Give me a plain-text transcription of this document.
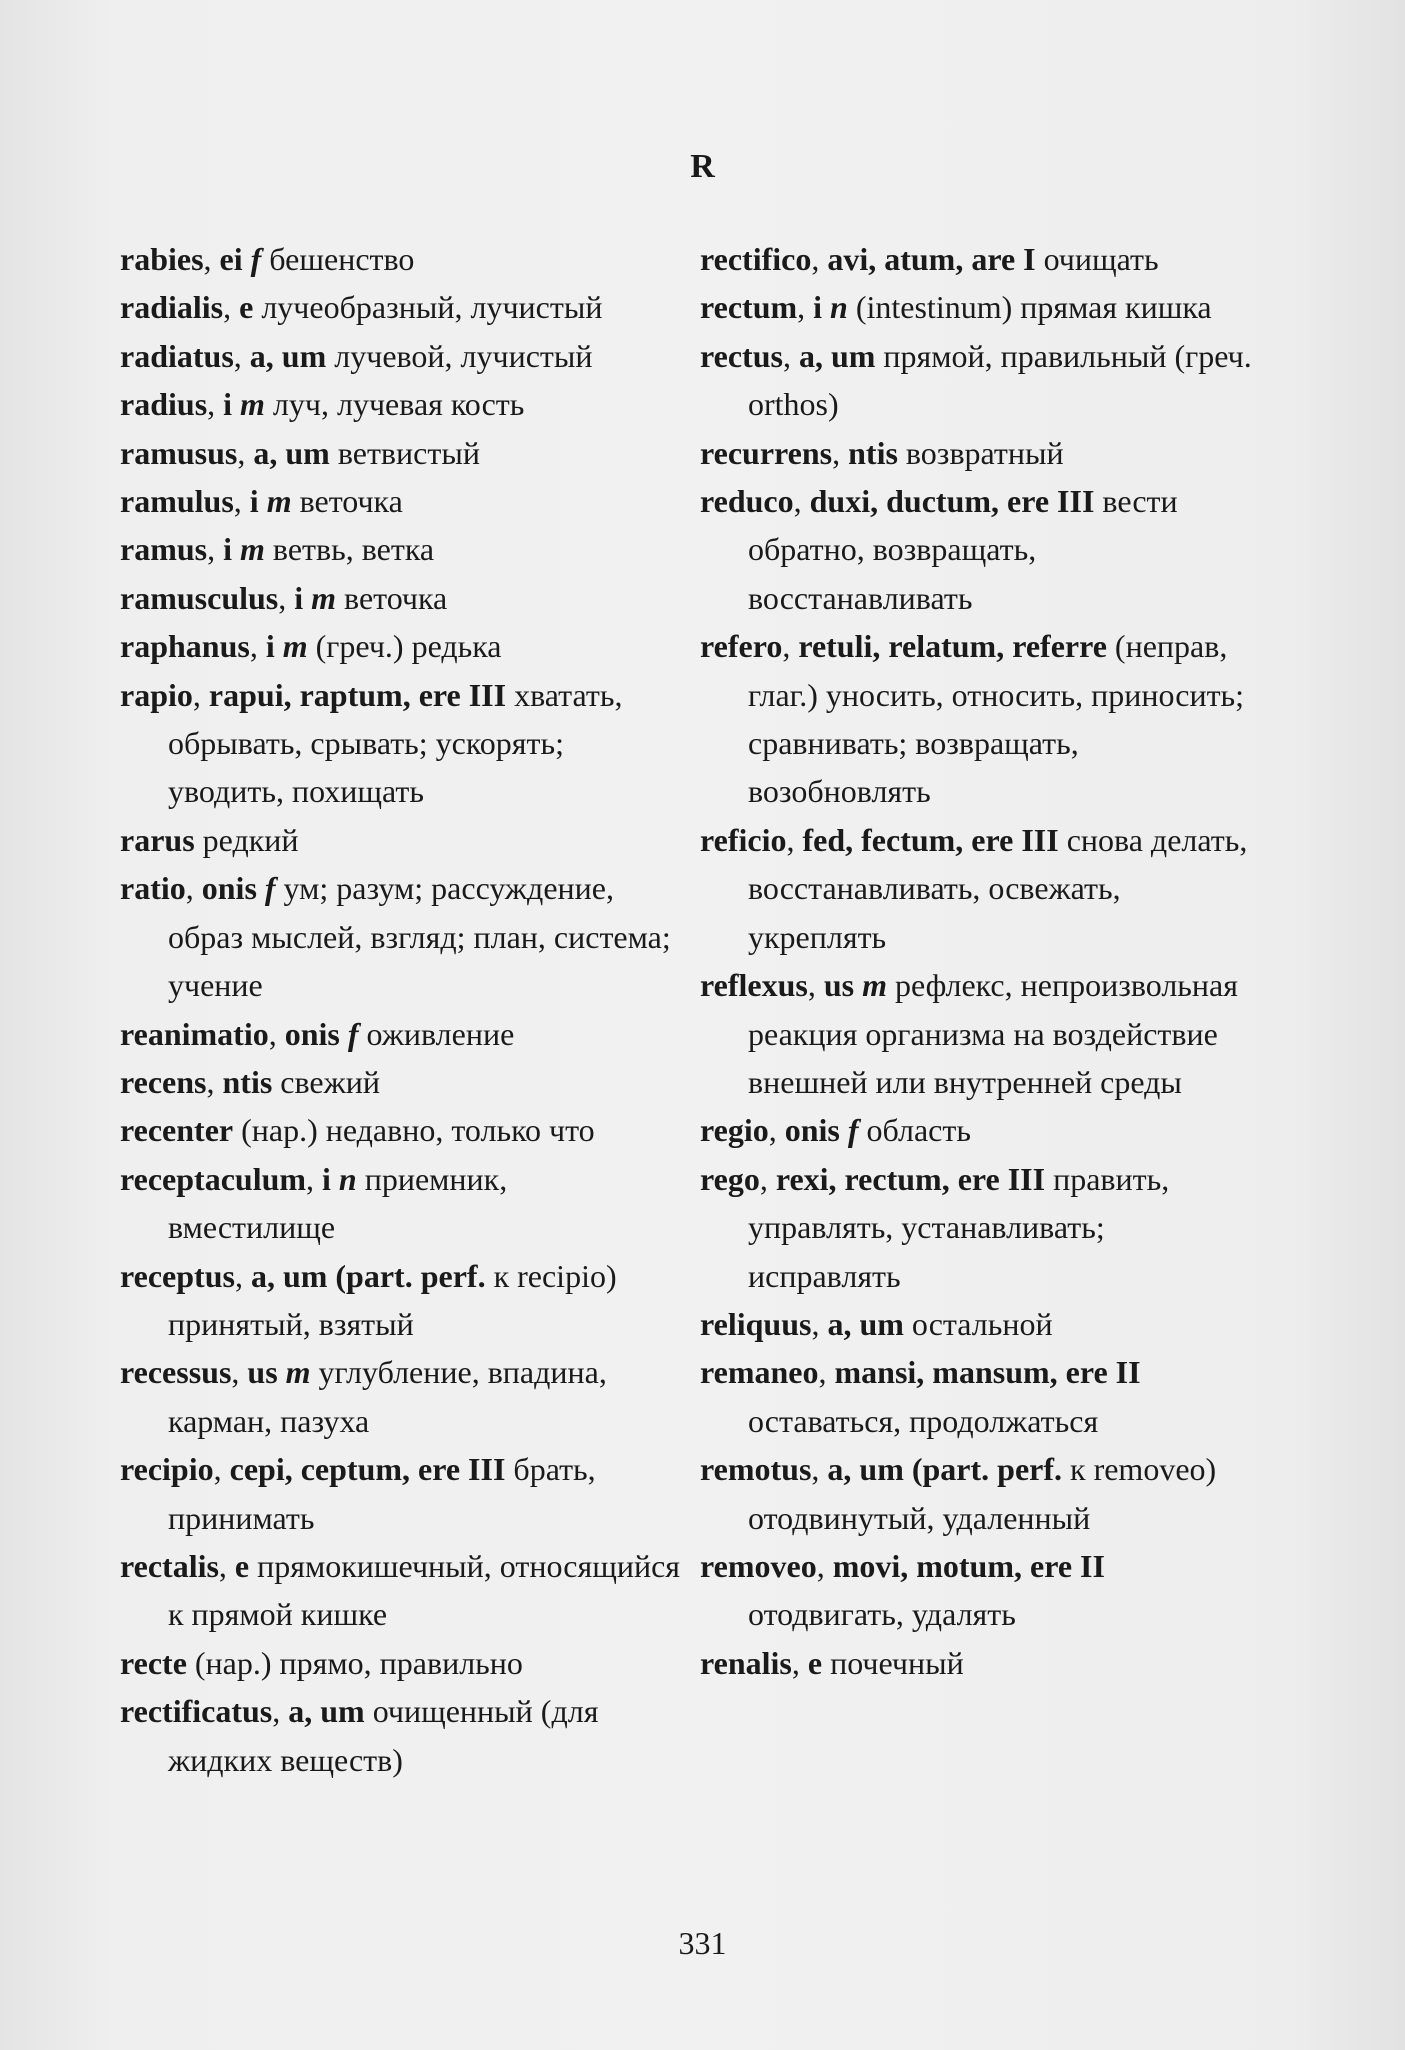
R
rabies, ei f бешенство
radialis, e лучеобразный, лучистый
radiatus, a, um лучевой, лучистый
radius, i m луч, лучевая кость
ramusus, a, um ветвистый
ramulus, i m веточка
ramus, i m ветвь, ветка
ramusculus, i m веточка
raphanus, i m (греч.) редька
rapio, rapui, raptum, ere III хватать, обрывать, срывать; ускорять; уводить, похищать
rarus редкий
ratio, onis f ум; разум; рассуждение, образ мыслей, взгляд; план, система; учение
reanimatio, onis f оживление
recens, ntis свежий
recenter (нар.) недавно, только что
receptaculum, i n приемник, вместилище
receptus, a, um (part. perf. к recipio) принятый, взятый
recessus, us m углубление, впадина, карман, пазуха
recipio, cepi, ceptum, ere III брать, принимать
rectalis, e прямокишечный, относящийся к прямой кишке
recte (нар.) прямо, правильно
rectificatus, a, um очищенный (для жидких веществ)
rectifico, avi, atum, are I очищать
rectum, i n (intestinum) прямая кишка
rectus, a, um прямой, правильный (греч. orthos)
recurrens, ntis возвратный
reduco, duxi, ductum, ere III вести обратно, возвращать, восстанавливать
refero, retuli, relatum, referre (неправ, глаг.) уносить, относить, приносить; сравнивать; возвращать, возобновлять
reficio, fed, fectum, ere III снова делать, восстанавливать, освежать, укреплять
reflexus, us m рефлекс, непроизвольная реакция организма на воздействие внешней или внутренней среды
regio, onis f область
rego, rexi, rectum, ere III править, управлять, устанавливать; исправлять
reliquus, a, um остальной
remaneo, mansi, mansum, ere II оставаться, продолжаться
remotus, a, um (part. perf. к removeo) отодвинутый, удаленный
removeo, movi, motum, ere II отодвигать, удалять
renalis, e почечный
331
